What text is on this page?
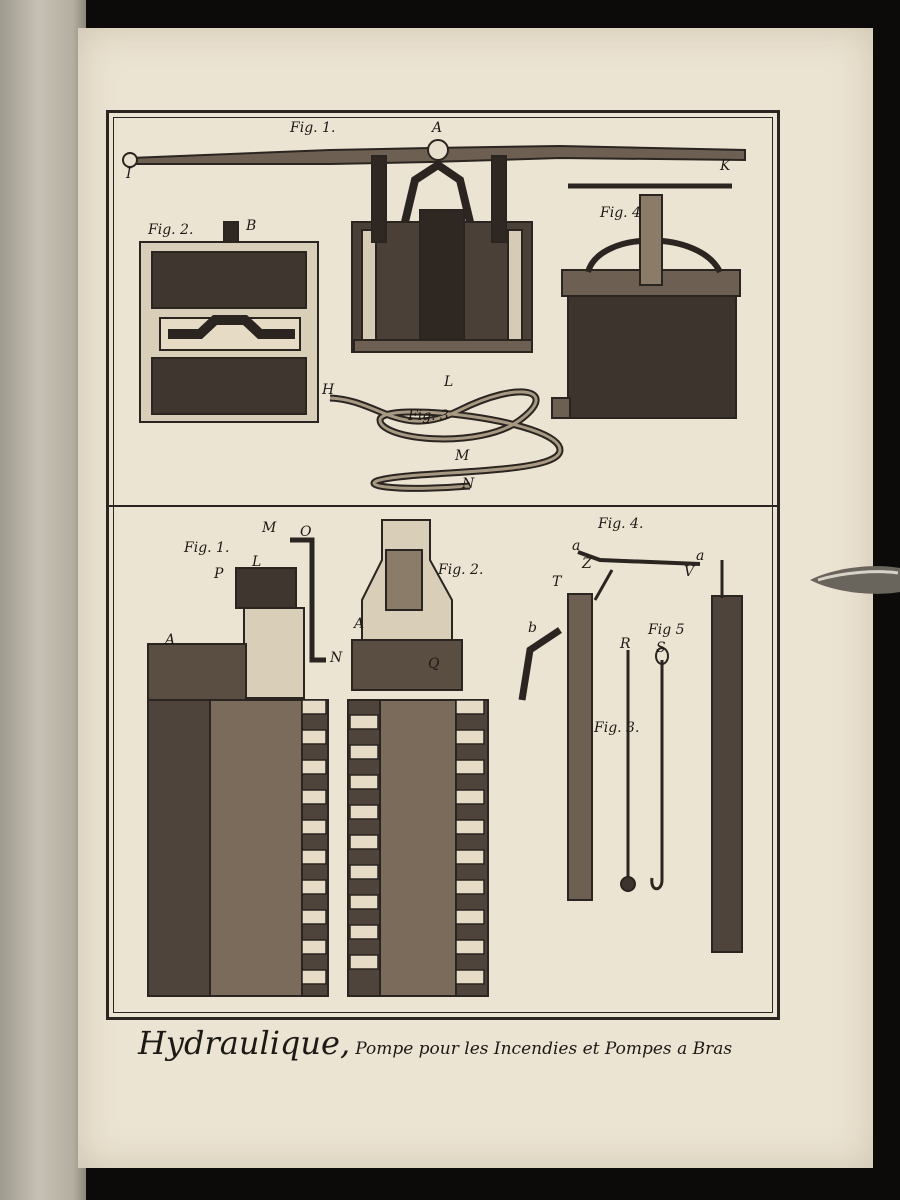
Fig. 1.
Fig. 2.
Fig. 3
Fig. 4
A
I	K
B
L
H
M
N
Fig. 1.
Fig. 2.
Fig. 3.
Fig. 4.
Fig 5
M O
P
L
A
N
A
Q
T
b
a
Z	a
V
R S
Hydraulique, Pompe pour les Incendies et Pompes a Bras
